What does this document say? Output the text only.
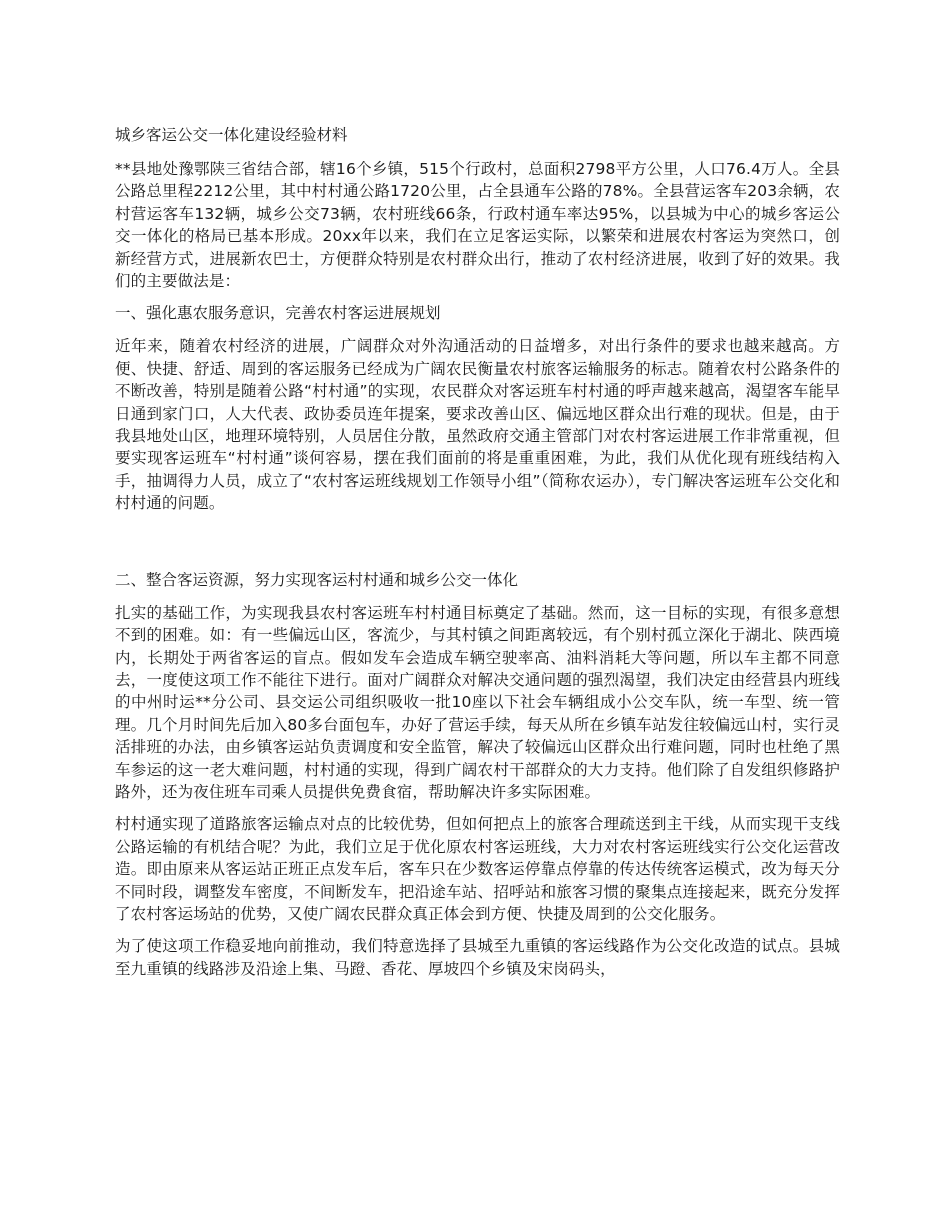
城乡客运公交一体化建设经验材料

**县地处豫鄂陕三省结合部，辖16个乡镇，515个行政村，总面积2798平方公里，人口76.4万人。全县公路总里程2212公里，其中村村通公路1720公里，占全县通车公路的78%。全县营运客车203余辆，农村营运客车132辆，城乡公交73辆，农村班线66条，行政村通车率达95%，以县城为中心的城乡客运公交一体化的格局已基本形成。20xx年以来，我们在立足客运实际，以繁荣和进展农村客运为突然口，创新经营方式，进展新农巴士，方便群众特别是农村群众出行，推动了农村经济进展，收到了好的效果。我们的主要做法是：

一、强化惠农服务意识，完善农村客运进展规划

近年来，随着农村经济的进展，广阔群众对外沟通活动的日益增多，对出行条件的要求也越来越高。方便、快捷、舒适、周到的客运服务已经成为广阔农民衡量农村旅客运输服务的标志。随着农村公路条件的不断改善，特别是随着公路“村村通”的实现，农民群众对客运班车村村通的呼声越来越高，渴望客车能早日通到家门口，人大代表、政协委员连年提案，要求改善山区、偏远地区群众出行难的现状。但是，由于我县地处山区，地理环境特别，人员居住分散，虽然政府交通主管部门对农村客运进展工作非常重视，但要实现客运班车“村村通”谈何容易，摆在我们面前的将是重重困难，为此，我们从优化现有班线结构入手，抽调得力人员，成立了“农村客运班线规划工作领导小组”（简称农运办），专门解决客运班车公交化和村村通的问题。

二、整合客运资源，努力实现客运村村通和城乡公交一体化

扎实的基础工作，为实现我县农村客运班车村村通目标奠定了基础。然而，这一目标的实现，有很多意想不到的困难。如：有一些偏远山区，客流少，与其村镇之间距离较远，有个别村孤立深化于湖北、陕西境内，长期处于两省客运的盲点。假如发车会造成车辆空驶率高、油料消耗大等问题，所以车主都不同意去，一度使这项工作不能往下进行。面对广阔群众对解决交通问题的强烈渴望，我们决定由经营县内班线的中州时运**分公司、县交运公司组织吸收一批10座以下社会车辆组成小公交车队，统一车型、统一管理。几个月时间先后加入80多台面包车，办好了营运手续，每天从所在乡镇车站发往较偏远山村，实行灵活排班的办法，由乡镇客运站负责调度和安全监管，解决了较偏远山区群众出行难问题，同时也杜绝了黑车参运的这一老大难问题，村村通的实现，得到广阔农村干部群众的大力支持。他们除了自发组织修路护路外，还为夜住班车司乘人员提供免费食宿，帮助解决许多实际困难。

村村通实现了道路旅客运输点对点的比较优势，但如何把点上的旅客合理疏送到主干线，从而实现干支线公路运输的有机结合呢？为此，我们立足于优化原农村客运班线，大力对农村客运班线实行公交化运营改造。即由原来从客运站正班正点发车后，客车只在少数客运停靠点停靠的传达传统客运模式，改为每天分不同时段，调整发车密度，不间断发车，把沿途车站、招呼站和旅客习惯的聚集点连接起来，既充分发挥了农村客运场站的优势，又使广阔农民群众真正体会到方便、快捷及周到的公交化服务。

为了使这项工作稳妥地向前推动，我们特意选择了县城至九重镇的客运线路作为公交化改造的试点。县城至九重镇的线路涉及沿途上集、马蹬、香花、厚坡四个乡镇及宋岗码头，
